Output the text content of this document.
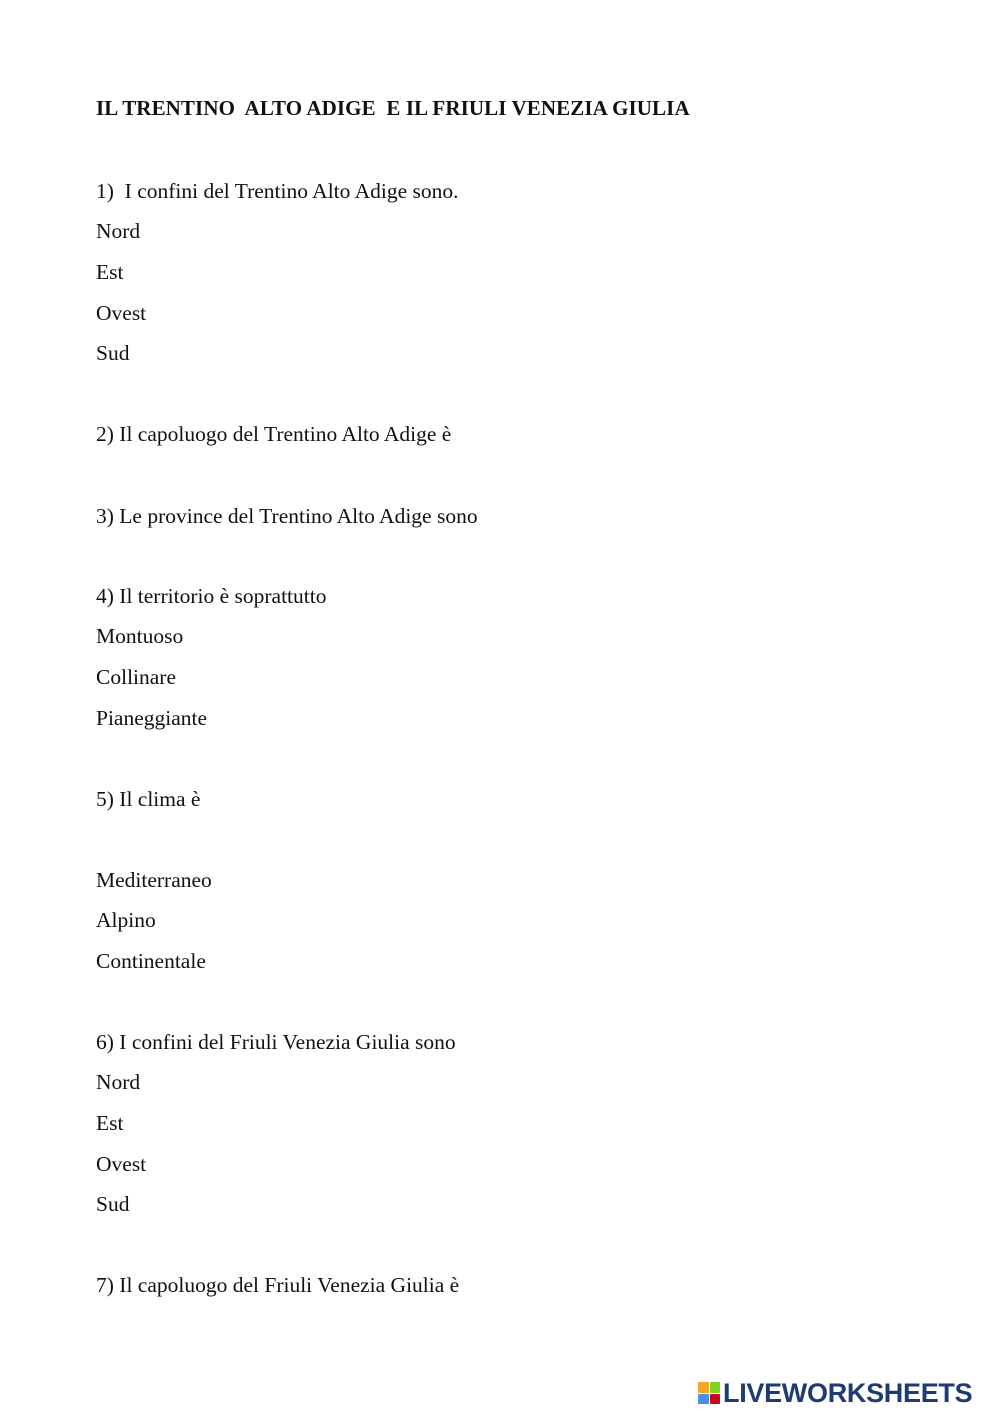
IL TRENTINO  ALTO ADIGE  E IL FRIULI VENEZIA GIULIA
1)  I confini del Trentino Alto Adige sono.
Nord
Est
Ovest
Sud
2) Il capoluogo del Trentino Alto Adige è
3) Le province del Trentino Alto Adige sono
4) Il territorio è soprattutto
Montuoso
Collinare
Pianeggiante
5) Il clima è
Mediterraneo
Alpino
Continentale
6) I confini del Friuli Venezia Giulia sono
Nord
Est
Ovest
Sud
7) Il capoluogo del Friuli Venezia Giulia è
LIVEWORKSHEETS
